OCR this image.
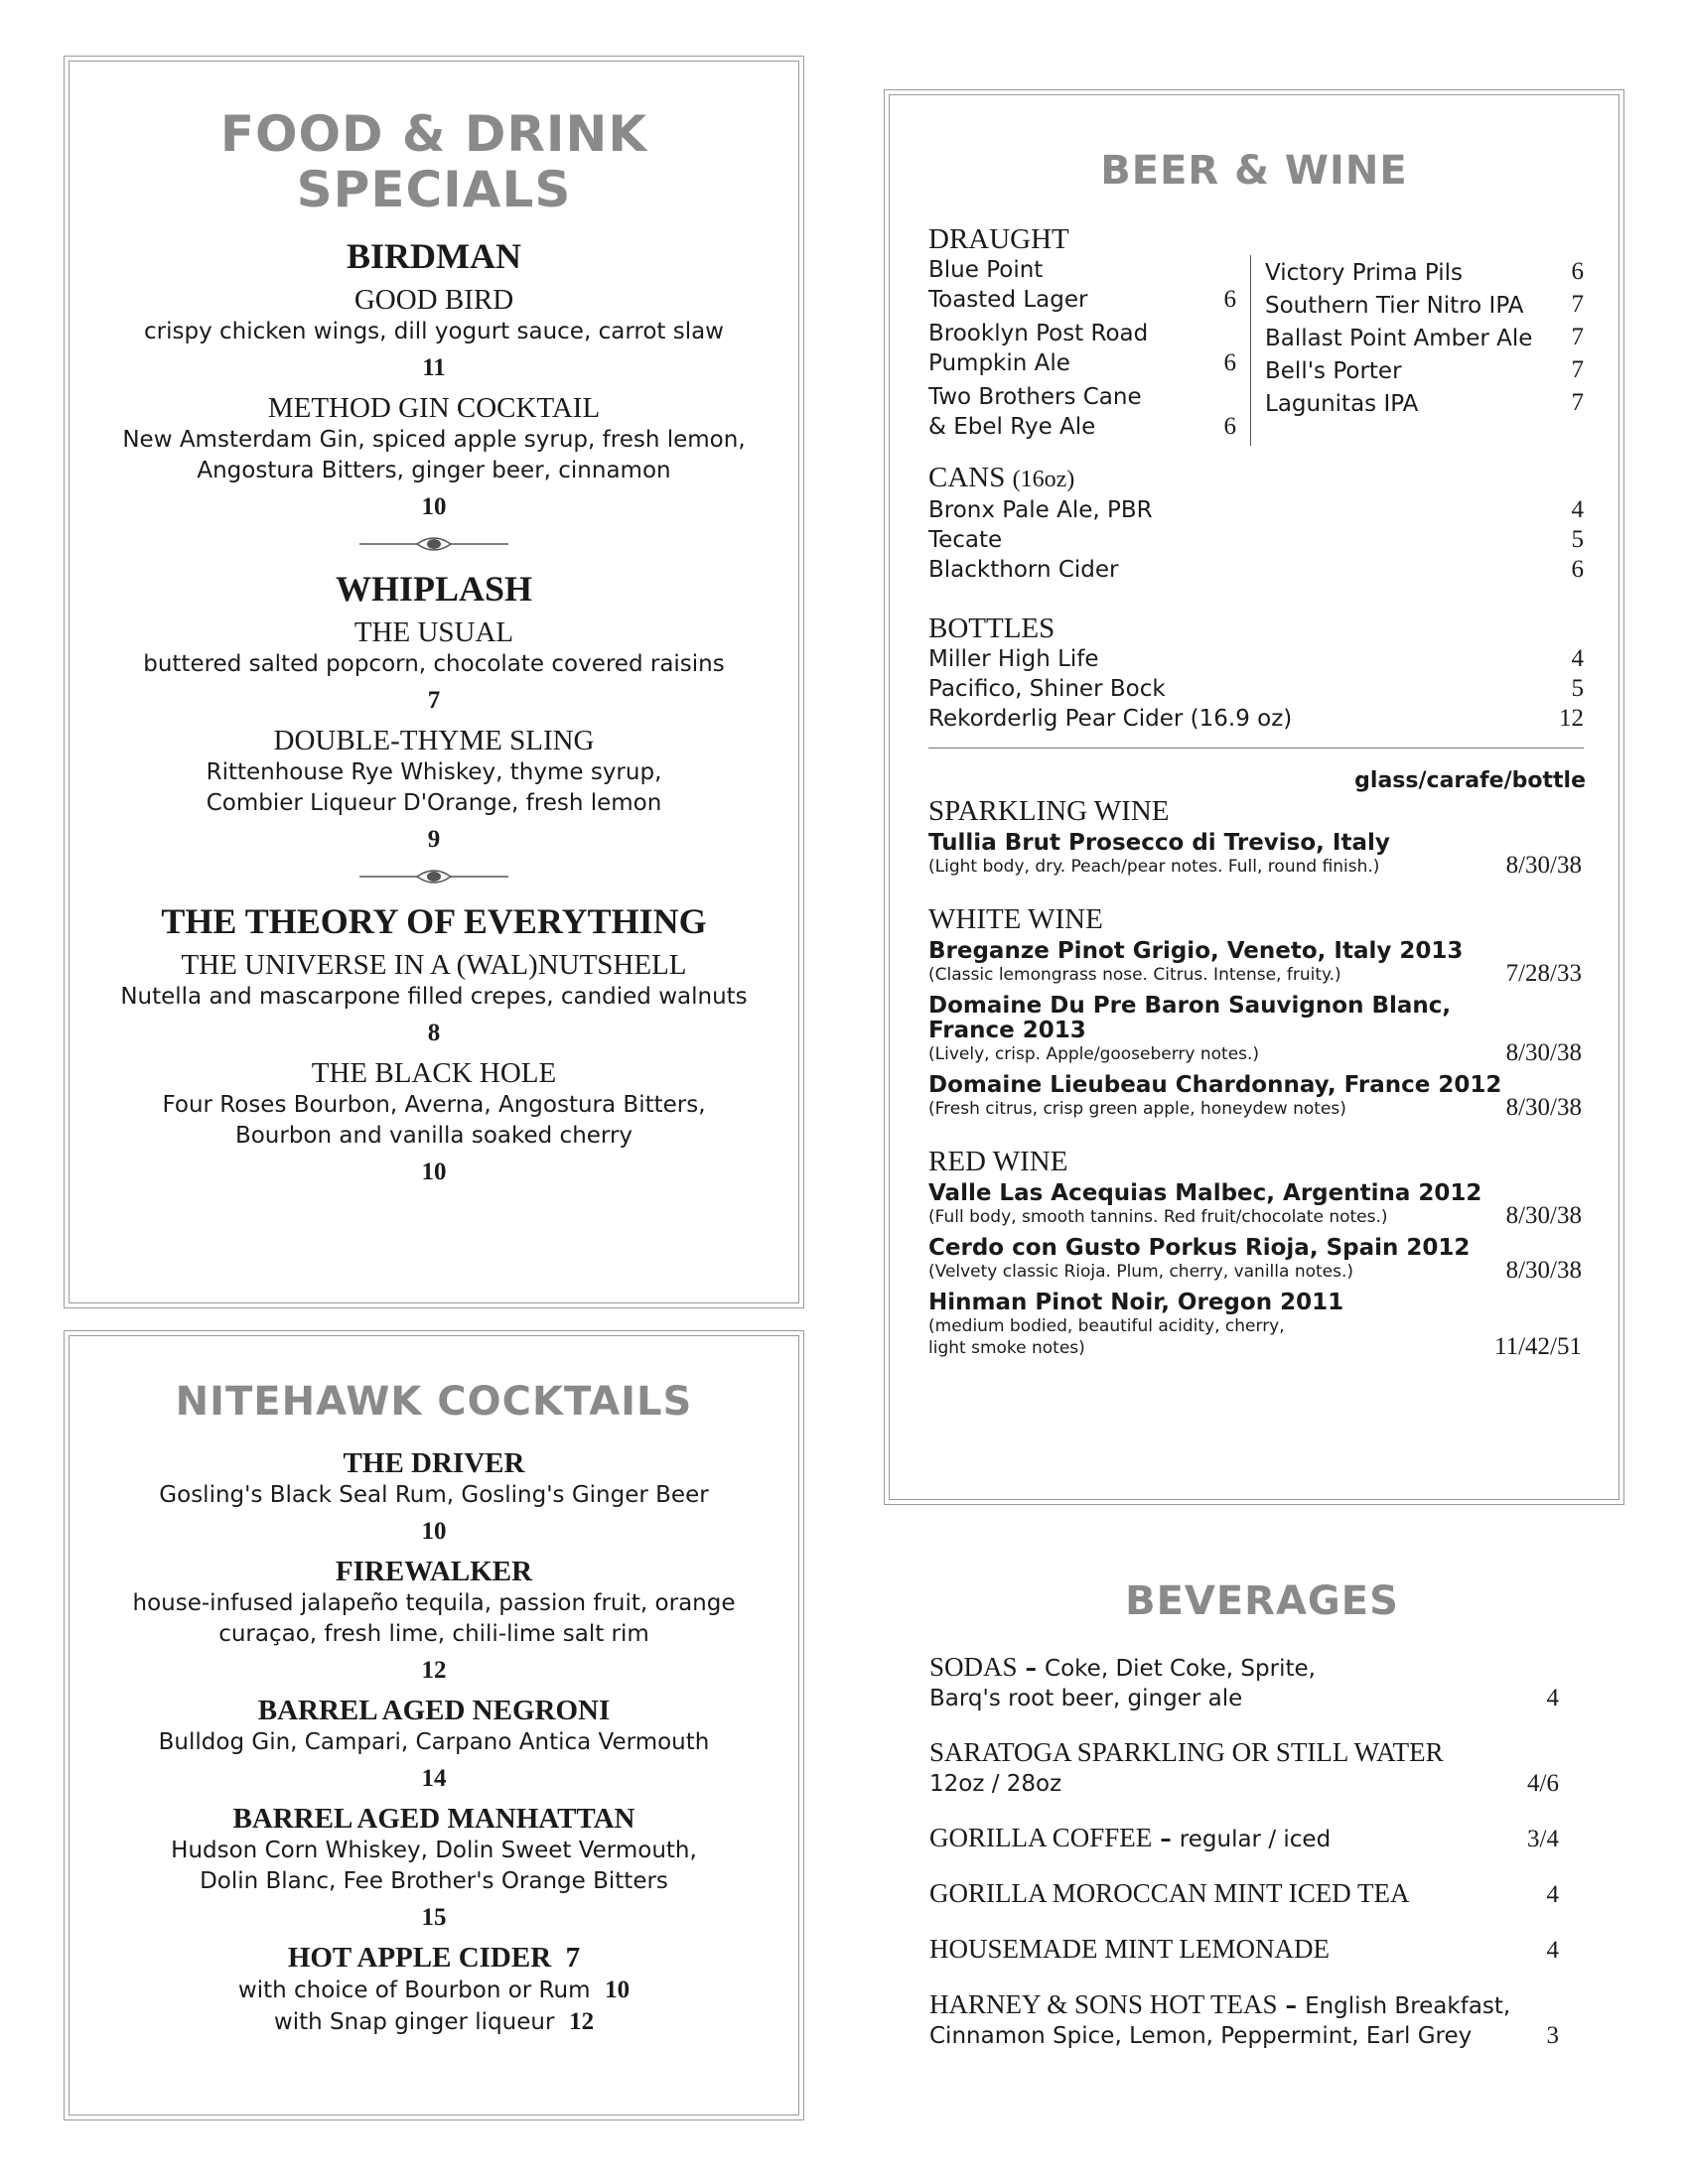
FOOD & DRINK
SPECIALS
BIRDMAN
GOOD BIRD
crispy chicken wings, dill yogurt sauce, carrot slaw
11
METHOD GIN COCKTAIL
New Amsterdam Gin, spiced apple syrup, fresh lemon,
Angostura Bitters, ginger beer, cinnamon
10
WHIPLASH
THE USUAL
buttered salted popcorn, chocolate covered raisins
7
DOUBLE-THYME SLING
Rittenhouse Rye Whiskey, thyme syrup,
Combier Liqueur D'Orange, fresh lemon
9
THE THEORY OF EVERYTHING
THE UNIVERSE IN A (WAL)NUTSHELL
Nutella and mascarpone filled crepes, candied walnuts
8
THE BLACK HOLE
Four Roses Bourbon, Averna, Angostura Bitters,
Bourbon and vanilla soaked cherry
10
NITEHAWK COCKTAILS
THE DRIVER
Gosling's Black Seal Rum, Gosling's Ginger Beer
10
FIREWALKER
house-infused jalapeño tequila, passion fruit, orange
curaçao, fresh lime, chili-lime salt rim
12
BARREL AGED NEGRONI
Bulldog Gin, Campari, Carpano Antica Vermouth
14
BARREL AGED MANHATTAN
Hudson Corn Whiskey, Dolin Sweet Vermouth,
Dolin Blanc, Fee Brother's Orange Bitters
15
HOT APPLE CIDER 7
with choice of Bourbon or Rum 10
with Snap ginger liqueur 12
BEER & WINE
DRAUGHT
Blue Point
Toasted Lager	6
Brooklyn Post Road
Pumpkin Ale	6
Two Brothers Cane
& Ebel Rye Ale	6
Victory Prima Pils	6
Southern Tier Nitro IPA 7
Ballast Point Amber Ale 7
Bell's Porter	7
Lagunitas IPA	7
CANS (16oz)
Bronx Pale Ale, PBR	4
Tecate	5
Blackthorn Cider	6
BOTTLES
Miller High Life	4
Pacifico, Shiner Bock	5
Rekorderlig Pear Cider (16.9 oz)	12
glass/carafe/bottle
SPARKLING WINE
Tullia Brut Prosecco di Treviso, Italy
(Light body, dry. Peach/pear notes. Full, round finish.)	8/30/38
WHITE WINE
Breganze Pinot Grigio, Veneto, Italy 2013
(Classic lemongrass nose. Citrus. Intense, fruity.)	7/28/33
Domaine Du Pre Baron Sauvignon Blanc,
France 2013
(Lively, crisp. Apple/gooseberry notes.)	8/30/38
Domaine Lieubeau Chardonnay, France 2012
(Fresh citrus, crisp green apple, honeydew notes)	8/30/38
RED WINE
Valle Las Acequias Malbec, Argentina 2012
(Full body, smooth tannins. Red fruit/chocolate notes.)	8/30/38
Cerdo con Gusto Porkus Rioja, Spain 2012
(Velvety classic Rioja. Plum, cherry, vanilla notes.)	8/30/38
Hinman Pinot Noir, Oregon 2011
(medium bodied, beautiful acidity, cherry,
light smoke notes)	11/42/51
BEVERAGES
SODAS – Coke, Diet Coke, Sprite,
Barq's root beer, ginger ale	4
SARATOGA SPARKLING OR STILL WATER
12oz / 28oz	4/6
GORILLA COFFEE – regular / iced	3/4
GORILLA MOROCCAN MINT ICED TEA	4
HOUSEMADE MINT LEMONADE	4
HARNEY & SONS HOT TEAS – English Breakfast,
Cinnamon Spice, Lemon, Peppermint, Earl Grey	3
